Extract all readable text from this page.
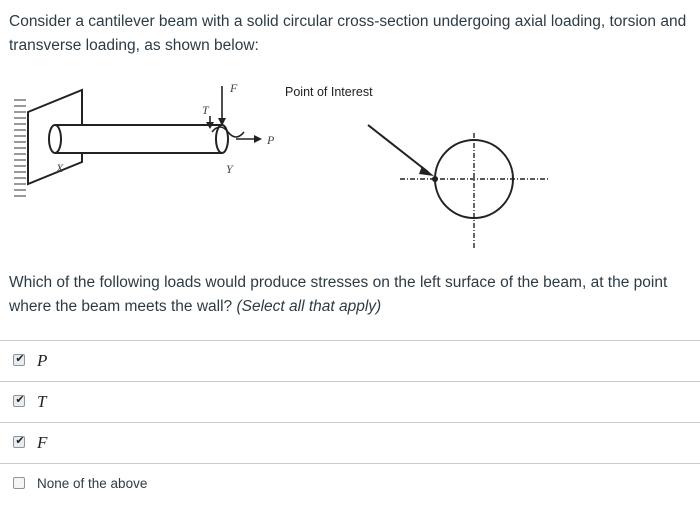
Consider a cantilever beam with a solid circular cross-section undergoing axial loading, torsion and transverse loading, as shown below:

F
T
P
X	Y
Point of Interest

Which of the following loads would produce stresses on the left surface of the beam, at the point where the beam meets the wall? (Select all that apply)

✔ P
✔ T
✔ F
None of the above
